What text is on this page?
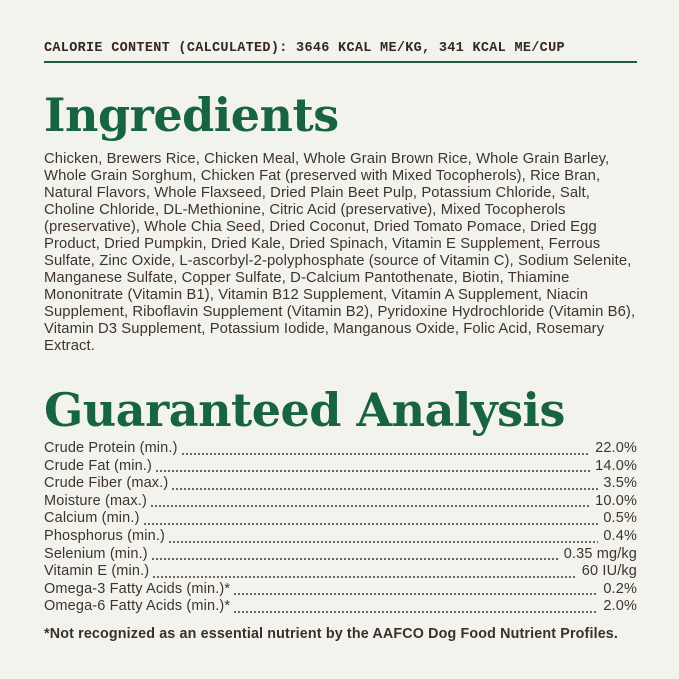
CALORIE CONTENT (CALCULATED): 3646 KCAL ME/KG, 341 KCAL ME/CUP
Ingredients

Chicken, Brewers Rice, Chicken Meal, Whole Grain Brown Rice, Whole Grain Barley, Whole Grain Sorghum, Chicken Fat (preserved with Mixed Tocopherols), Rice Bran, Natural Flavors, Whole Flaxseed, Dried Plain Beet Pulp, Potassium Chloride, Salt, Choline Chloride, DL-Methionine, Citric Acid (preservative), Mixed Tocopherols (preservative), Whole Chia Seed, Dried Coconut, Dried Tomato Pomace, Dried Egg Product, Dried Pumpkin, Dried Kale, Dried Spinach, Vitamin E Supplement, Ferrous Sulfate, Zinc Oxide, L-ascorbyl-2-polyphosphate (source of Vitamin C), Sodium Selenite, Manganese Sulfate, Copper Sulfate, D-Calcium Pantothenate, Biotin, Thiamine Mononitrate (Vitamin B1), Vitamin B12 Supplement, Vitamin A Supplement, Niacin Supplement, Riboflavin Supplement (Vitamin B2), Pyridoxine Hydrochloride (Vitamin B6), Vitamin D3 Supplement, Potassium Iodide, Manganous Oxide, Folic Acid, Rosemary Extract.

Guaranteed Analysis
Crude Protein (min.)	22.0%
Crude Fat (min.)	14.0%
Crude Fiber (max.)	3.5%
Moisture (max.)	10.0%
Calcium (min.)	0.5%
Phosphorus (min.)	0.4%
Selenium (min.)	0.35 mg/kg
Vitamin E (min.)	60 IU/kg
Omega-3 Fatty Acids (min.)*	0.2%
Omega-6 Fatty Acids (min.)*	2.0%

*Not recognized as an essential nutrient by the AAFCO Dog Food Nutrient Profiles.
